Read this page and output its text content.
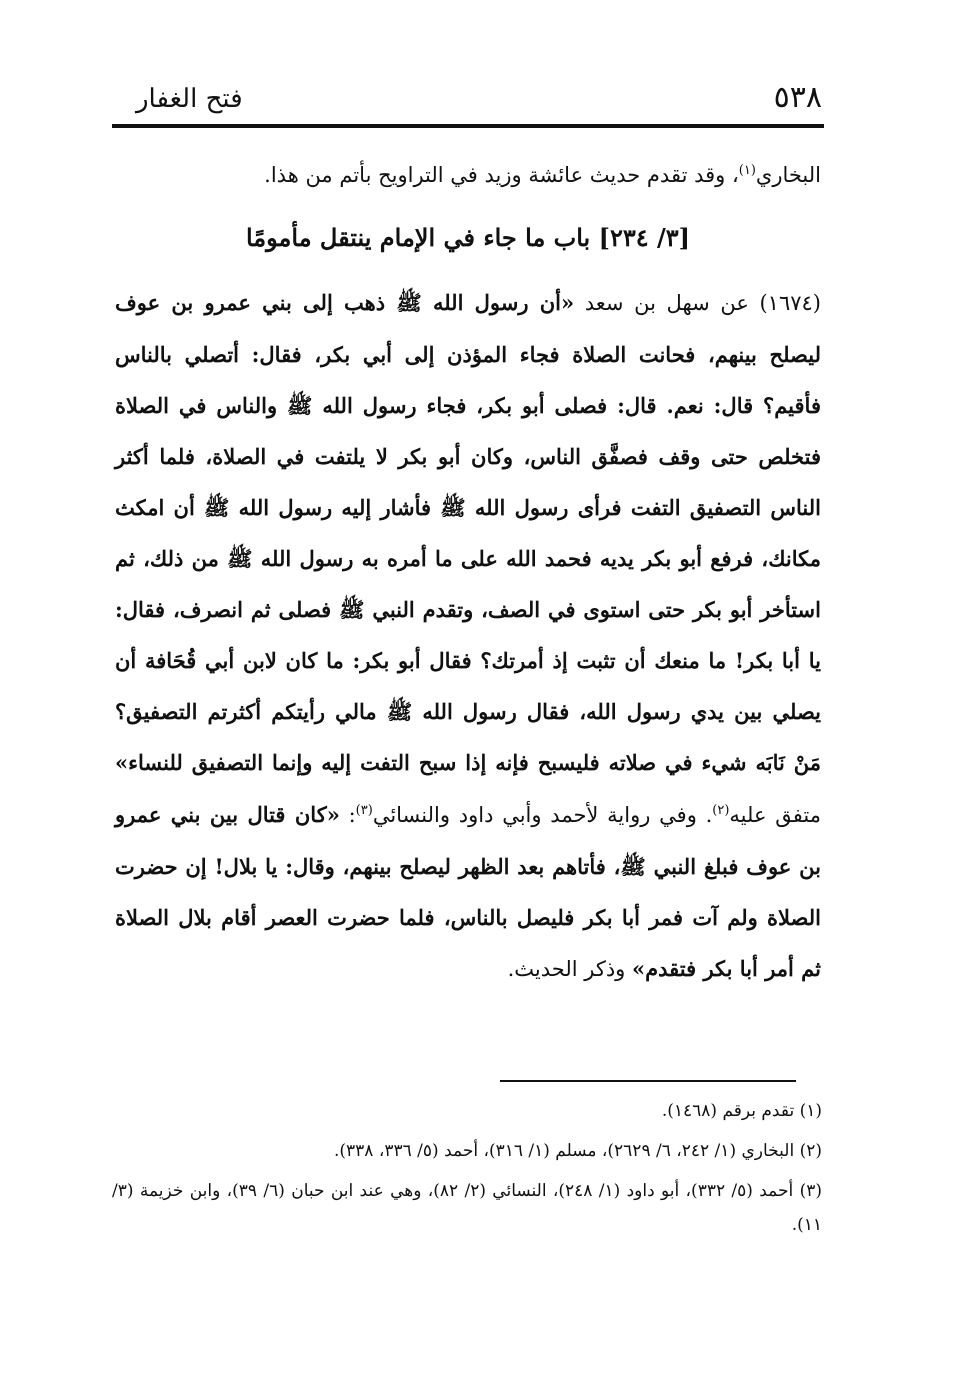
٥٣٨
فتح الغفار

البخاري$^{(١)}$، وقد تقدم حديث عائشة وزيد في التراويح بأتم من هذا.

[٣/ ٢٣٤] باب ما جاء في الإمام ينتقل مأمومًا

(١٦٧٤) عن سهل بن سعد «أن رسول الله ﷺ ذهب إلى بني عمرو بن عوف ليصلح بينهم، فحانت الصلاة فجاء المؤذن إلى أبي بكر، فقال: أتصلي بالناس فأقيم؟ قال: نعم. قال: فصلى أبو بكر، فجاء رسول الله ﷺ والناس في الصلاة فتخلص حتى وقف فصفَّق الناس، وكان أبو بكر لا يلتفت في الصلاة، فلما أكثر الناس التصفيق التفت فرأى رسول الله ﷺ فأشار إليه رسول الله ﷺ أن امكث مكانك، فرفع أبو بكر يديه فحمد الله على ما أمره به رسول الله ﷺ من ذلك، ثم استأخر أبو بكر حتى استوى في الصف، وتقدم النبي ﷺ فصلى ثم انصرف، فقال: يا أبا بكر! ما منعك أن تثبت إذ أمرتك؟ فقال أبو بكر: ما كان لابن أبي قُحَافة أن يصلي بين يدي رسول الله، فقال رسول الله ﷺ مالي رأيتكم أكثرتم التصفيق؟ مَنْ نَابَه شيء في صلاته فليسبح فإنه إذا سبح التفت إليه وإنما التصفيق للنساء» متفق عليه$^{(٢)}$. وفي رواية لأحمد وأبي داود والنسائي$^{(٣)}$: «كان قتال بين بني عمرو بن عوف فبلغ النبي ﷺ، فأتاهم بعد الظهر ليصلح بينهم، وقال: يا بلال! إن حضرت الصلاة ولم آت فمر أبا بكر فليصل بالناس، فلما حضرت العصر أقام بلال الصلاة ثم أمر أبا بكر فتقدم» وذكر الحديث.

(١) تقدم برقم (١٤٦٨).

(٢) البخاري (١/ ٢٤٢، ٦/ ٢٦٢٩)، مسلم (١/ ٣١٦)، أحمد (٥/ ٣٣٦، ٣٣٨).

(٣) أحمد (٥/ ٣٣٢)، أبو داود (١/ ٢٤٨)، النسائي (٢/ ٨٢)، وهي عند ابن حبان (٦/ ٣٩)، وابن خزيمة (٣/ ١١).
